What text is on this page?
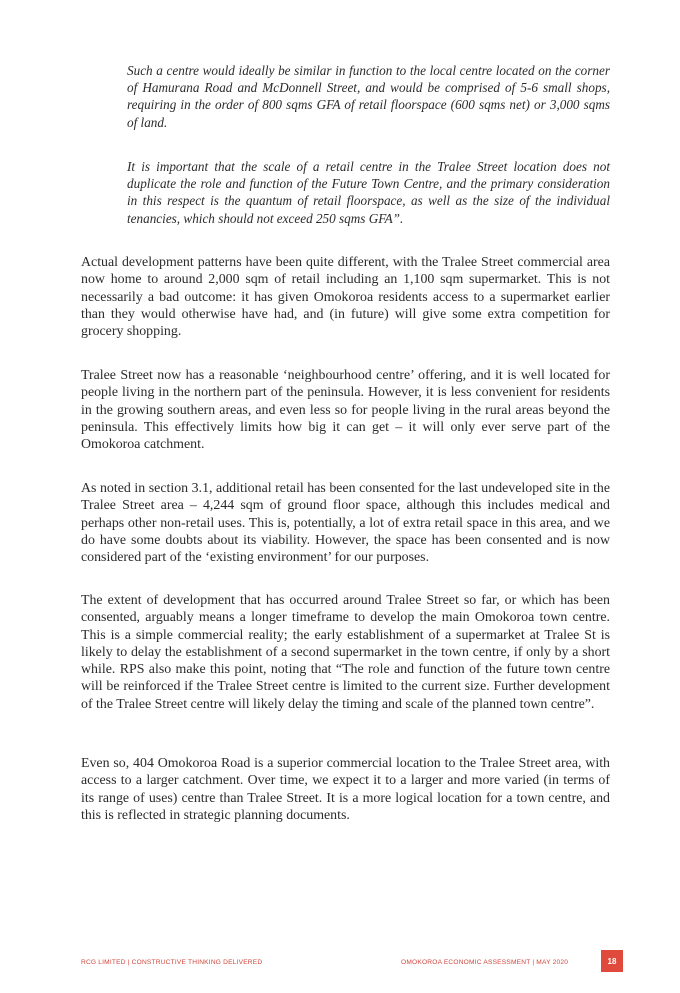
Such a centre would ideally be similar in function to the local centre located on the corner of Hamurana Road and McDonnell Street, and would be comprised of 5-6 small shops, requiring in the order of 800 sqms GFA of retail floorspace (600 sqms net) or 3,000 sqms of land.

It is important that the scale of a retail centre in the Tralee Street location does not duplicate the role and function of the Future Town Centre, and the primary consideration in this respect is the quantum of retail floorspace, as well as the size of the individual tenancies, which should not exceed 250 sqms GFA”.

Actual development patterns have been quite different, with the Tralee Street commercial area now home to around 2,000 sqm of retail including an 1,100 sqm supermarket. This is not necessarily a bad outcome: it has given Omokoroa residents access to a supermarket earlier than they would otherwise have had, and (in future) will give some extra competition for grocery shopping.

Tralee Street now has a reasonable ‘neighbourhood centre’ offering, and it is well located for people living in the northern part of the peninsula. However, it is less convenient for residents in the growing southern areas, and even less so for people living in the rural areas beyond the peninsula. This effectively limits how big it can get – it will only ever serve part of the Omokoroa catchment.

As noted in section 3.1, additional retail has been consented for the last undeveloped site in the Tralee Street area – 4,244 sqm of ground floor space, although this includes medical and perhaps other non-retail uses. This is, potentially, a lot of extra retail space in this area, and we do have some doubts about its viability. However, the space has been consented and is now considered part of the ‘existing environment’ for our purposes.

The extent of development that has occurred around Tralee Street so far, or which has been consented, arguably means a longer timeframe to develop the main Omokoroa town centre. This is a simple commercial reality; the early establishment of a supermarket at Tralee St is likely to delay the establishment of a second supermarket in the town centre, if only by a short while. RPS also make this point, noting that “The role and function of the future town centre will be reinforced if the Tralee Street centre is limited to the current size. Further development of the Tralee Street centre will likely delay the timing and scale of the planned town centre”.

Even so, 404 Omokoroa Road is a superior commercial location to the Tralee Street area, with access to a larger catchment. Over time, we expect it to a larger and more varied (in terms of its range of uses) centre than Tralee Street. It is a more logical location for a town centre, and this is reflected in strategic planning documents.

RCG LIMITED | CONSTRUCTIVE THINKING DELIVERED	OMOKOROA ECONOMIC ASSESSMENT | MAY 2020	18
